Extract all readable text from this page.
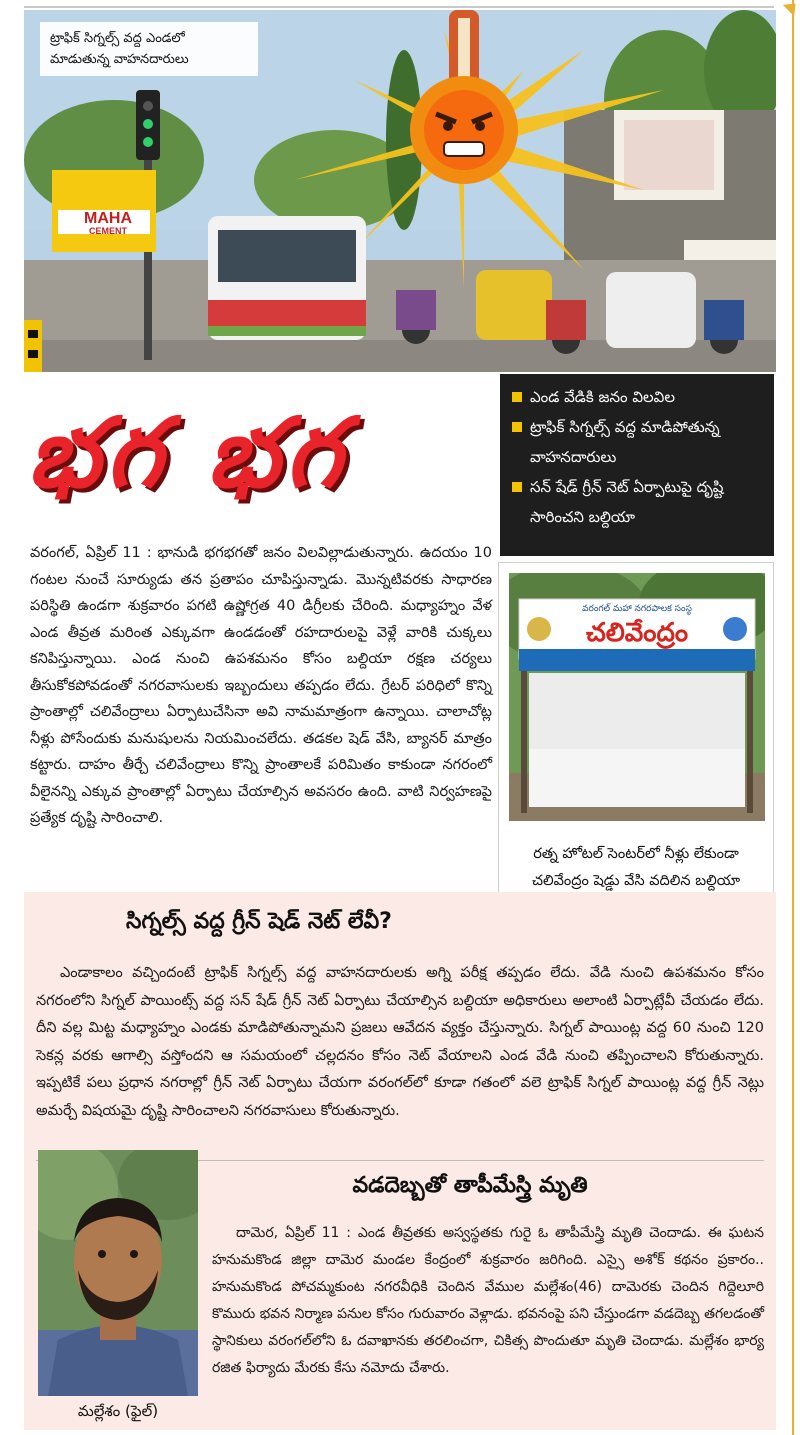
MAHA
CEMENT
ట్రాఫిక్ సిగ్నల్స్ వద్ద ఎండలో మాడుతున్న వాహనదారులు
భగ భగ	ఎండ వేడికి జనం విలవిల
ట్రాఫిక్ సిగ్నల్స్ వద్ద మాడిపోతున్న వాహనదారులు
సన్ షేడ్ గ్రీన్ నెట్ ఏర్పాటుపై దృష్టి సారించని బల్దియా
వరంగల్, ఏప్రిల్ 11 : భానుడి భగభగతో జనం విలవిల్లాడుతున్నారు. ఉదయం 10 గంటల నుంచే సూర్యుడు తన ప్రతాపం చూపిస్తున్నాడు. మొన్నటివరకు సాధారణ పరిస్థితి ఉండగా శుక్రవారం పగటి ఉష్ణోగ్రత 40 డిగ్రీలకు చేరింది. మధ్యాహ్నం వేళ ఎండ తీవ్రత మరింత ఎక్కువగా ఉండడంతో రహదారులపై వెళ్లే వారికి చుక్కలు కనిపిస్తున్నాయి. ఎండ నుంచి ఉపశమనం కోసం బల్దియా రక్షణ చర్యలు తీసుకోకపోవడంతో నగరవాసులకు ఇబ్బందులు తప్పడం లేదు. గ్రేటర్ పరిధిలో కొన్ని ప్రాంతాల్లో చలివేంద్రాలు ఏర్పాటుచేసినా అవి నామమాత్రంగా ఉన్నాయి. చాలాచోట్ల నీళ్లు పోసేందుకు మనుషులను నియమించలేదు. తడకల షెడ్ వేసి, బ్యానర్ మాత్రం కట్టారు. దాహం తీర్చే చలివేంద్రాలు కొన్ని ప్రాంతాలకే పరిమితం కాకుండా నగరంలో వీలైనన్ని ఎక్కువ ప్రాంతాల్లో ఏర్పాటు చేయాల్సిన అవసరం ఉంది. వాటి నిర్వహణపై ప్రత్యేక దృష్టి సారించాలి.
వరంగల్ మహా నగరపాలక సంస్థ
చలివేంద్రం
రత్న హోటల్ సెంటర్‌లో నీళ్లు లేకుండా చలివేంద్రం షెడ్డు వేసి వదిలిన బల్దియా
సిగ్నల్స్ వద్ద గ్రీన్ షెడ్ నెట్ లేవీ?
ఎండాకాలం వచ్చిందంటే ట్రాఫిక్ సిగ్నల్స్ వద్ద వాహనదారులకు అగ్ని పరీక్ష తప్పడం లేదు. వేడి నుంచి ఉపశమనం కోసం నగరంలోని సిగ్నల్ పాయింట్స్ వద్ద సన్ షేడ్ గ్రీన్ నెట్ ఏర్పాటు చేయాల్సిన బల్దియా అధికారులు అలాంటి ఏర్పాట్లేవీ చేయడం లేదు. దీని వల్ల మిట్ట మధ్యాహ్నం ఎండకు మాడిపోతున్నామని ప్రజలు ఆవేదన వ్యక్తం చేస్తున్నారు. సిగ్నల్ పాయింట్ల వద్ద 60 నుంచి 120 సెకన్ల వరకు ఆగాల్సి వస్తోందని ఆ సమయంలో చల్లదనం కోసం నెట్ వేయాలని ఎండ వేడి నుంచి తప్పించాలని కోరుతున్నారు. ఇప్పటికే పలు ప్రధాన నగరాల్లో గ్రీన్ నెట్ ఏర్పాటు చేయగా వరంగల్‌లో కూడా గతంలో వలె ట్రాఫిక్ సిగ్నల్ పాయింట్ల వద్ద గ్రీన్ నెట్లు అమర్చే విషయమై దృష్టి సారించాలని నగరవాసులు కోరుతున్నారు.
మల్లేశం (ఫైల్)
వడదెబ్బతో తాపీమేస్త్రి మృతి
దామెర, ఏప్రిల్ 11 : ఎండ తీవ్రతకు అస్వస్థతకు గురై ఓ తాపీమేస్త్రి మృతి చెందాడు. ఈ ఘటన హనుమకొండ జిల్లా దామెర మండల కేంద్రంలో శుక్రవారం జరిగింది. ఎస్సై అశోక్ కథనం ప్రకారం.. హనుమకొండ పోచమ్మకుంట నగరవీధికి చెందిన వేముల మల్లేశం(46) దామెరకు చెందిన గిద్దెలూరి కొమురు భవన నిర్మాణ పనుల కోసం గురువారం వెళ్లాడు. భవనంపై పని చేస్తుండగా వడదెబ్బ తగలడంతో స్థానికులు వరంగల్‌లోని ఓ దవాఖానకు తరలించగా, చికిత్స పొందుతూ మృతి చెందాడు. మల్లేశం భార్య రజిత ఫిర్యాదు మేరకు కేసు నమోదు చేశారు.
